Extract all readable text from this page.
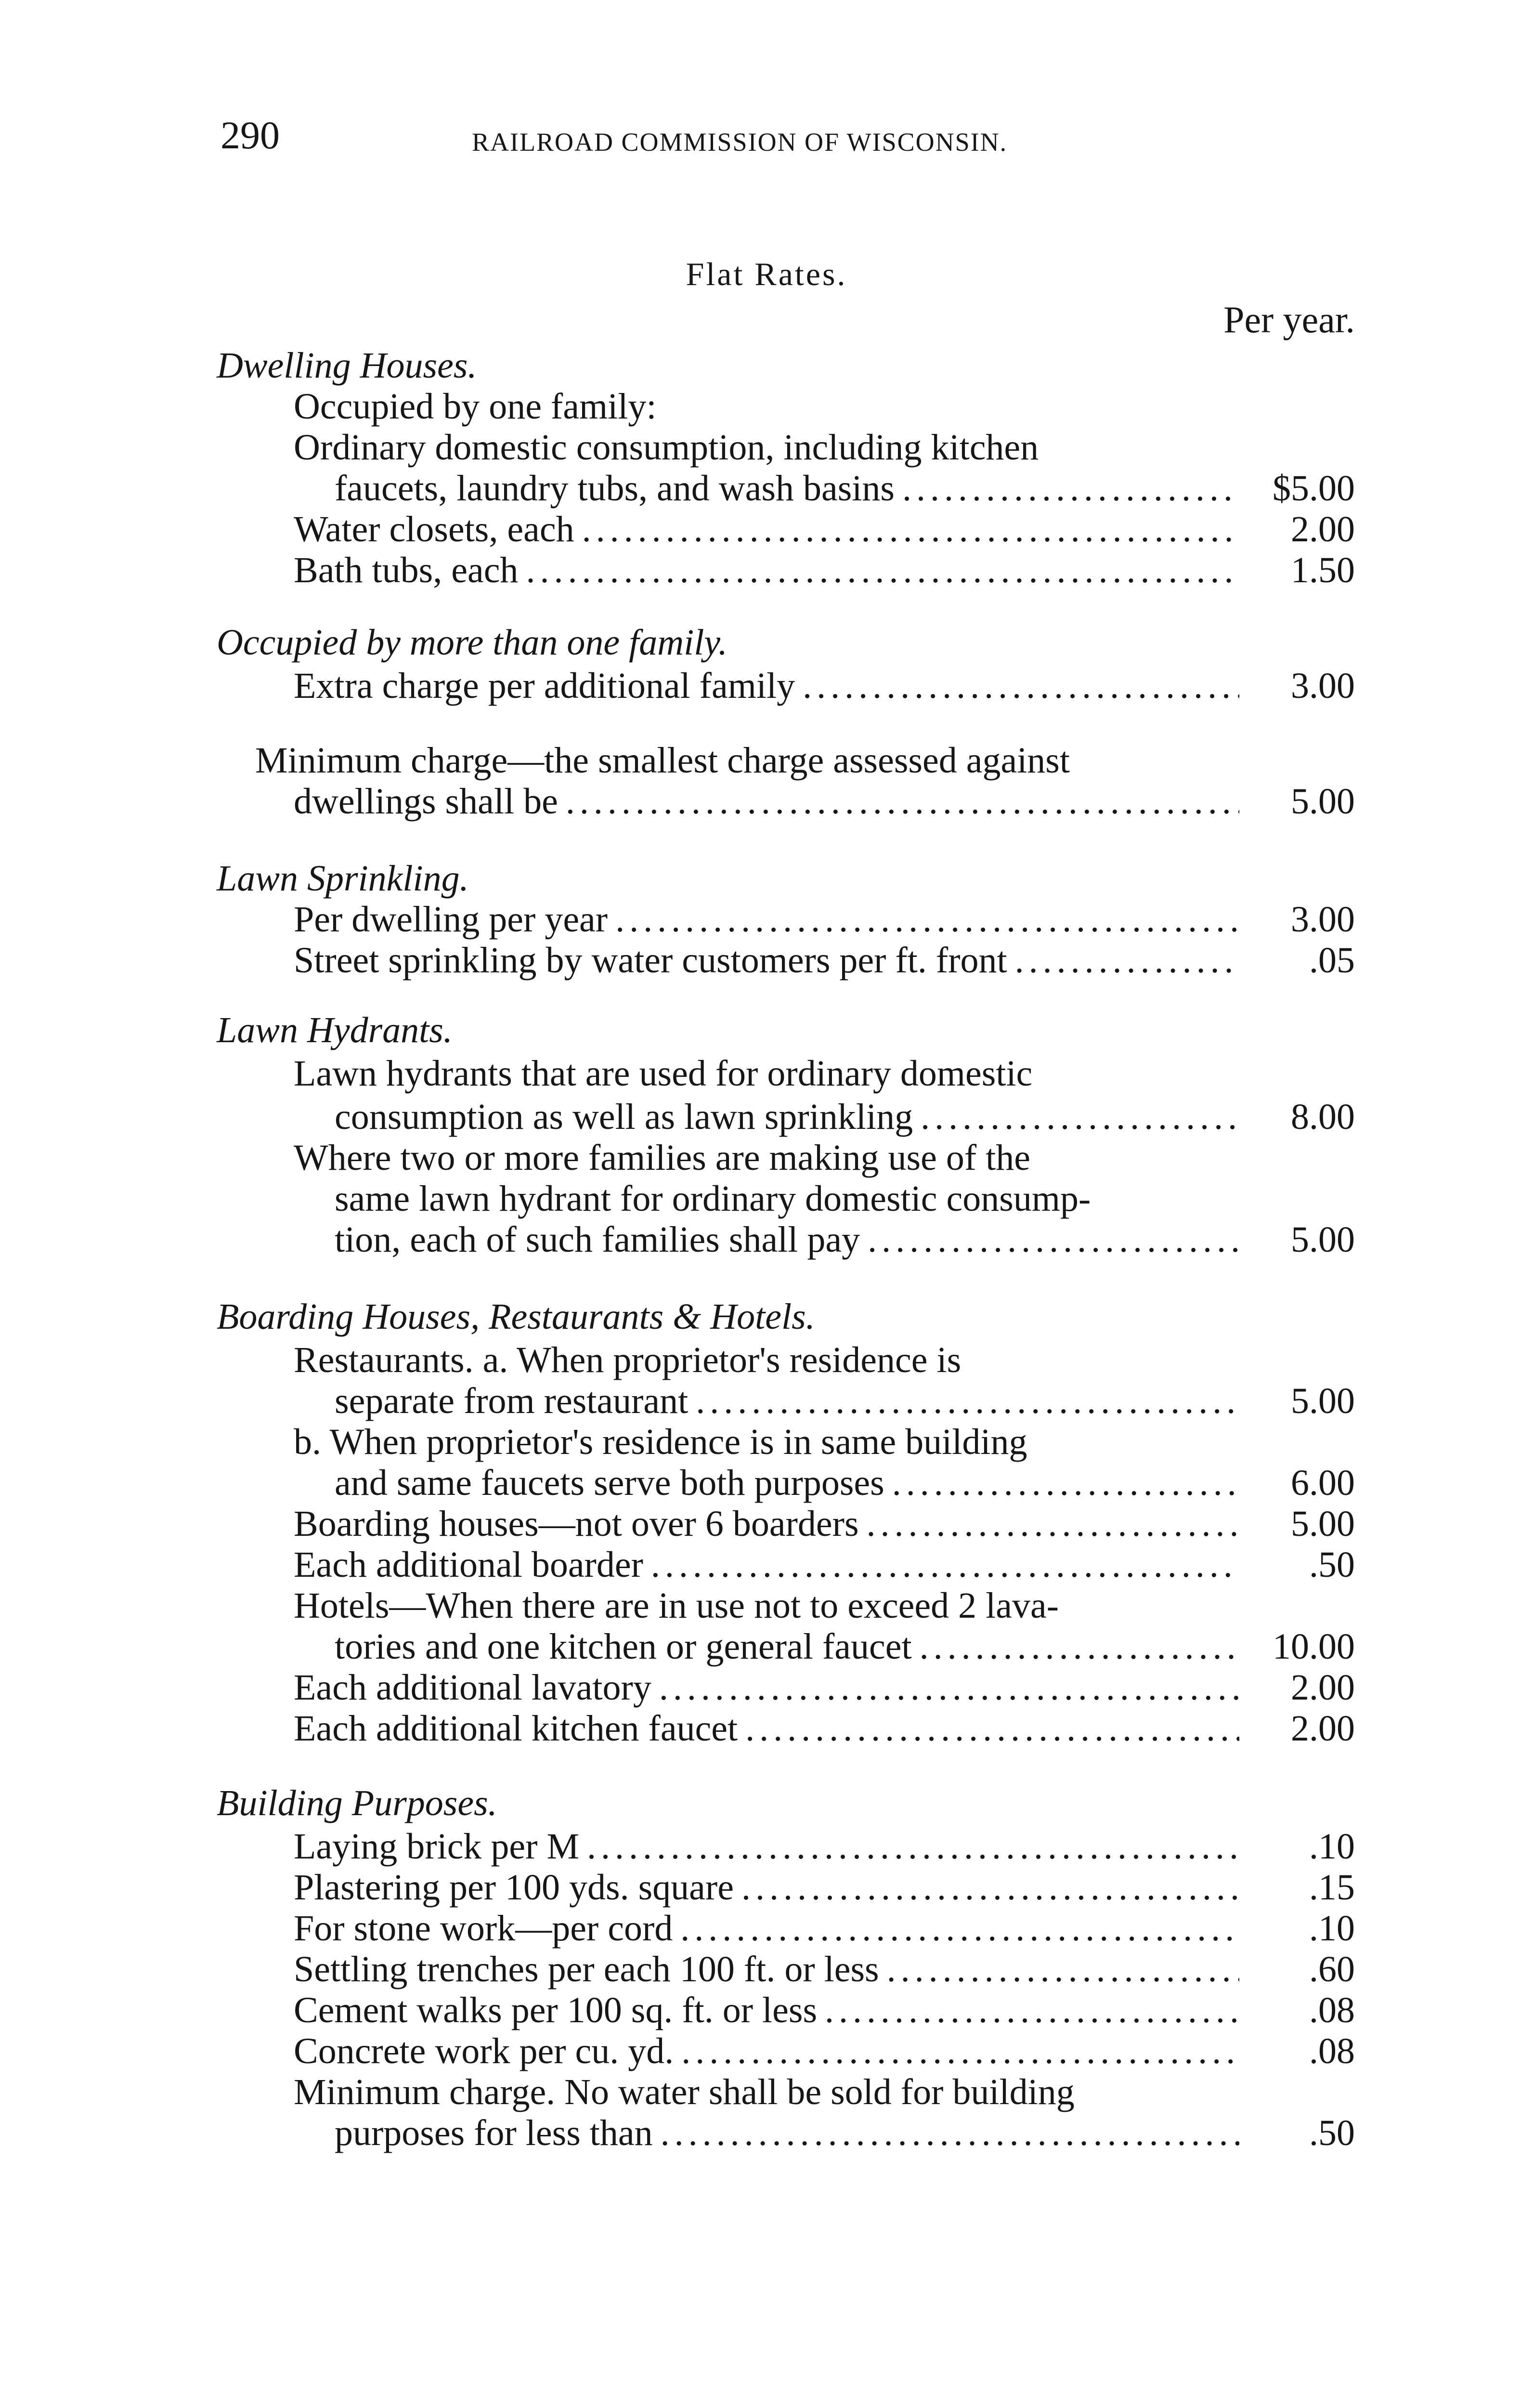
290	RAILROAD COMMISSION OF WISCONSIN.
Flat Rates.
Per year.
Dwelling Houses.
Occupied by one family:
Ordinary domestic consumption, including kitchen
faucets, laundry tubs, and wash basins .....	$5.00
Water closets, each .....	2.00
Bath tubs, each .....	1.50
Occupied by more than one family.
Extra charge per additional family .....	3.00
Minimum charge—the smallest charge assessed against
dwellings shall be .....	5.00
Lawn Sprinkling.
Per dwelling per year .....	3.00
Street sprinkling by water customers per ft. front .....	.05
Lawn Hydrants.
Lawn hydrants that are used for ordinary domestic
consumption as well as lawn sprinkling .....	8.00
Where two or more families are making use of the
same lawn hydrant for ordinary domestic consump-
tion, each of such families shall pay .....	5.00
Boarding Houses, Restaurants & Hotels.
Restaurants. a. When proprietor's residence is
separate from restaurant .....	5.00
b. When proprietor's residence is in same building
and same faucets serve both purposes .....	6.00
Boarding houses—not over 6 boarders .....	5.00
Each additional boarder .....	.50
Hotels—When there are in use not to exceed 2 lava-
tories and one kitchen or general faucet .....	10.00
Each additional lavatory .....	2.00
Each additional kitchen faucet .....	2.00
Building Purposes.
Laying brick per M .....	.10
Plastering per 100 yds. square .....	.15
For stone work—per cord .....	.10
Settling trenches per each 100 ft. or less .....	.60
Cement walks per 100 sq. ft. or less .....	.08
Concrete work per cu. yd. .....	.08
Minimum charge. No water shall be sold for building
purposes for less than .....	.50
